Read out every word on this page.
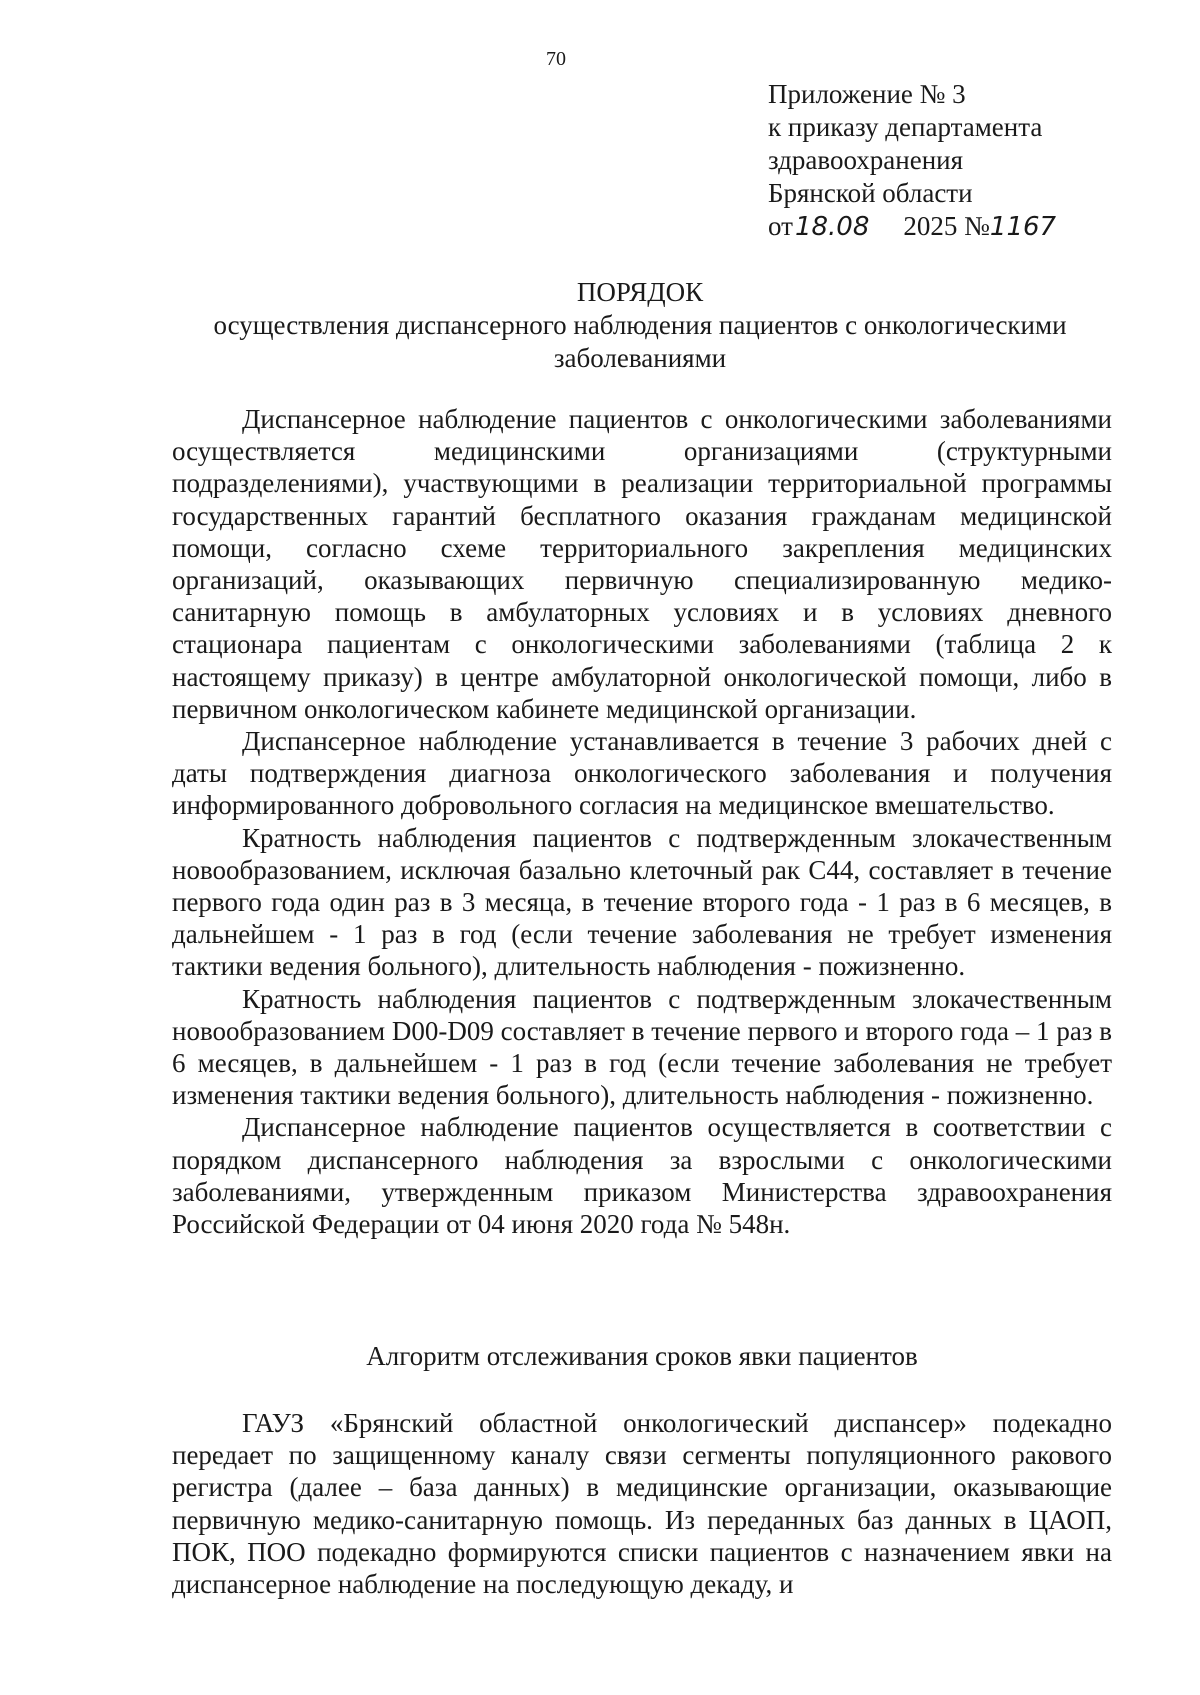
70
Приложение № 3
к приказу департамента
здравоохранения
Брянской области
от18.08 2025 №1167
ПОРЯДОК
осуществления диспансерного наблюдения пациентов с онкологическими заболеваниями

Диспансерное наблюдение пациентов с онкологическими заболеваниями осуществляется медицинскими организациями (структурными подразделениями), участвующими в реализации территориальной программы государственных гарантий бесплатного оказания гражданам медицинской помощи, согласно схеме территориального закрепления медицинских организаций, оказывающих первичную специализированную медико-санитарную помощь в амбулаторных условиях и в условиях дневного стационара пациентам с онкологическими заболеваниями (таблица 2 к настоящему приказу) в центре амбулаторной онкологической помощи, либо в первичном онкологическом кабинете медицинской организации.

Диспансерное наблюдение устанавливается в течение 3 рабочих дней с даты подтверждения диагноза онкологического заболевания и получения информированного добровольного согласия на медицинское вмешательство.

Кратность наблюдения пациентов с подтвержденным злокачественным новообразованием, исключая базально клеточный рак С44, составляет в течение первого года один раз в 3 месяца, в течение второго года - 1 раз в 6 месяцев, в дальнейшем - 1 раз в год (если течение заболевания не требует изменения тактики ведения больного), длительность наблюдения - пожизненно.

Кратность наблюдения пациентов с подтвержденным злокачественным новообразованием D00-D09 составляет в течение первого и второго года – 1 раз в 6 месяцев, в дальнейшем - 1 раз в год (если течение заболевания не требует изменения тактики ведения больного), длительность наблюдения - пожизненно.

Диспансерное наблюдение пациентов осуществляется в соответствии с порядком диспансерного наблюдения за взрослыми с онкологическими заболеваниями, утвержденным приказом Министерства здравоохранения Российской Федерации от 04 июня 2020 года № 548н.

Алгоритм отслеживания сроков явки пациентов

ГАУЗ «Брянский областной онкологический диспансер» подекадно передает по защищенному каналу связи сегменты популяционного ракового регистра (далее – база данных) в медицинские организации, оказывающие первичную медико-санитарную помощь. Из переданных баз данных в ЦАОП, ПОК, ПОО подекадно формируются списки пациентов с назначением явки на диспансерное наблюдение на последующую декаду, и
